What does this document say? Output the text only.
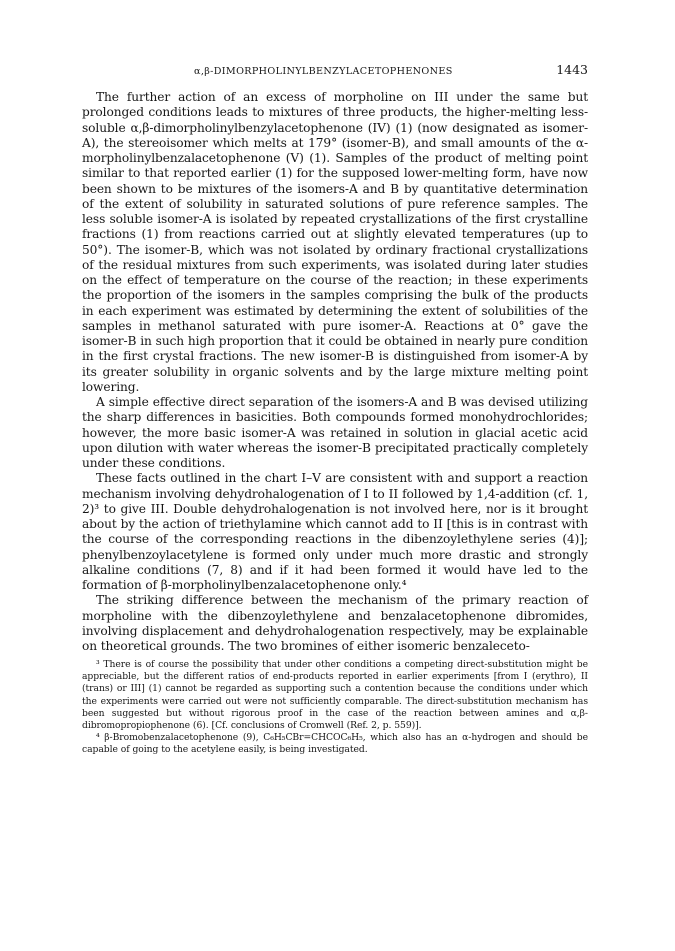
α,β-DIMORPHOLINYLBENZYLACETOPHENONES	1443

The further action of an excess of morpholine on III under the same but prolonged conditions leads to mixtures of three products, the higher-melting less-soluble α,β-dimorpholinylbenzylacetophenone (IV) (1) (now designated as isomer-A), the stereoisomer which melts at 179° (isomer-B), and small amounts of the α-morpholinylbenzalacetophenone (V) (1). Samples of the product of melting point similar to that reported earlier (1) for the supposed lower-melting form, have now been shown to be mixtures of the isomers-A and B by quantitative determination of the extent of solubility in saturated solutions of pure reference samples. The less soluble isomer-A is isolated by repeated crystallizations of the first crystalline fractions (1) from reactions carried out at slightly elevated temperatures (up to 50°). The isomer-B, which was not isolated by ordinary fractional crystallizations of the residual mixtures from such experiments, was isolated during later studies on the effect of temperature on the course of the reaction; in these experiments the proportion of the isomers in the samples comprising the bulk of the products in each experiment was estimated by determining the extent of solubilities of the samples in methanol saturated with pure isomer-A. Reactions at 0° gave the isomer-B in such high proportion that it could be obtained in nearly pure condition in the first crystal fractions. The new isomer-B is distinguished from isomer-A by its greater solubility in organic solvents and by the large mixture melting point lowering.

A simple effective direct separation of the isomers-A and B was devised utilizing the sharp differences in basicities. Both compounds formed monohydrochlorides; however, the more basic isomer-A was retained in solution in glacial acetic acid upon dilution with water whereas the isomer-B precipitated practically completely under these conditions.

These facts outlined in the chart I–V are consistent with and support a reaction mechanism involving dehydrohalogenation of I to II followed by 1,4-addition (cf. 1, 2)³ to give III. Double dehydrohalogenation is not involved here, nor is it brought about by the action of triethylamine which cannot add to II [this is in contrast with the course of the corresponding reactions in the dibenzoylethylene series (4)]; phenylbenzoylacetylene is formed only under much more drastic and strongly alkaline conditions (7, 8) and if it had been formed it would have led to the formation of β-morpholinylbenzalacetophenone only.⁴

The striking difference between the mechanism of the primary reaction of morpholine with the dibenzoylethylene and benzalacetophenone dibromides, involving displacement and dehydrohalogenation respectively, may be explainable on theoretical grounds. The two bromines of either isomeric benzaleceto-

³ There is of course the possibility that under other conditions a competing direct-substitution might be appreciable, but the different ratios of end-products reported in earlier experiments [from I (erythro), II (trans) or III] (1) cannot be regarded as supporting such a contention because the conditions under which the experiments were carried out were not sufficiently comparable. The direct-substitution mechanism has been suggested but without rigorous proof in the case of the reaction between amines and α,β-dibromopropiophenone (6). [Cf. conclusions of Cromwell (Ref. 2, p. 559)].

⁴ β-Bromobenzalacetophenone (9), C₆H₅CBr=CHCOC₆H₅, which also has an α-hydrogen and should be capable of going to the acetylene easily, is being investigated.
